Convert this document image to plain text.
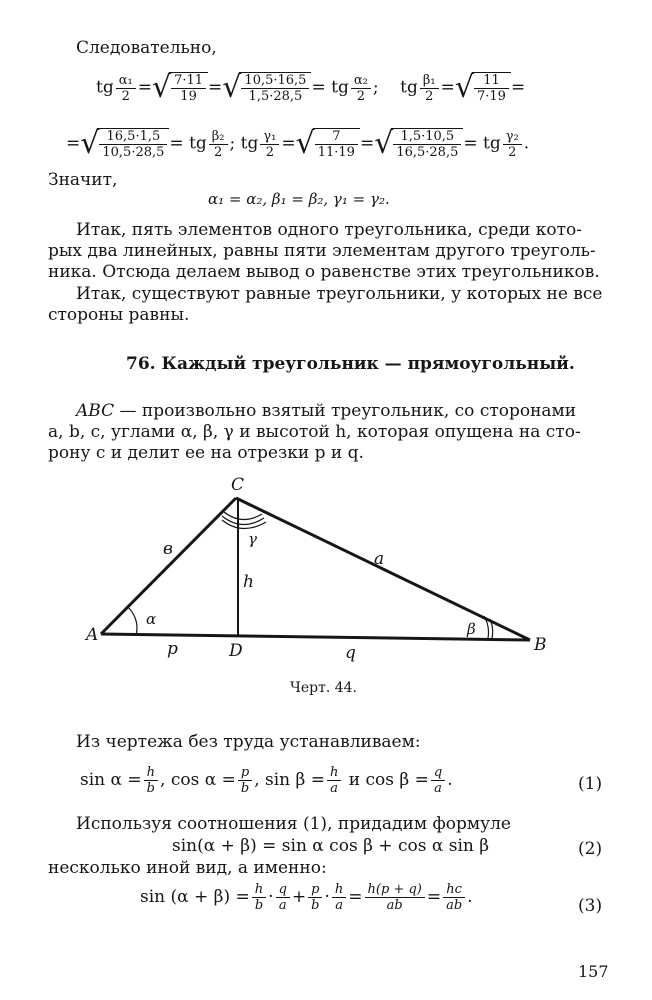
Следовательно,
tg $\frac{\text{α₁}}{2}$ =√ $\frac{7\cdot 11}{19}$ =√ $\frac{10,5\cdot 16,5}{1,5\cdot 28,5}$ = tg $\frac{\text{α₂}}{2}$ ;    tg $\frac{\text{β₁}}{2}$ =√ $\frac{11}{7\cdot 19}$ =
=√ $\frac{16,5\cdot 1,5}{10,5\cdot 28,5}$ = tg $\frac{\text{β₂}}{2}$ ; tg $\frac{\text{γ₁}}{2}$ =√ $\frac{7}{11\cdot 19}$ =√ $\frac{1,5\cdot 10,5}{16,5\cdot 28,5}$ = tg $\frac{\text{γ₂}}{2}$ .
Значит,
α₁ = α₂, β₁ = β₂, γ₁ = γ₂.
Итак, пять элементов одного треугольника, среди кото-
рых два линейных, равны пяти элементам другого треуголь-
ника. Отсюда делаем вывод о равенстве этих треугольников.
Итак, существуют равные треугольники, у которых не все
стороны равны.
76. Каждый треугольник — прямоугольный.
ABC — произвольно взятый треугольник, со сторонами
a, b, c, углами α, β, γ и высотой h, которая опущена на сто-
рону c и делит ее на отрезки p и q.
A	B
C
D
a
в
h
p	q
α
β
γ
Черт. 44.
Из чертежа без труда устанавливаем:
$\sin \alpha = \frac{h}{b}$ , $\cos \alpha = \frac{p}{b}$ , $\sin \beta = \frac{h}{a}$ и $\cos \beta = \frac{q}{a}$ .	(1)
Используя соотношения (1), придадим формуле
sin(α + β) = sin α cos β + cos α sin β	(2)
несколько иной вид, а именно:
$\sin (\alpha + \beta) = \frac{h}{b} \cdot \frac{q}{a} + \frac{p}{b} \cdot \frac{h}{a} = \frac{h(p + q)}{ab} = \frac{hc}{ab}$ .	(3)
157
